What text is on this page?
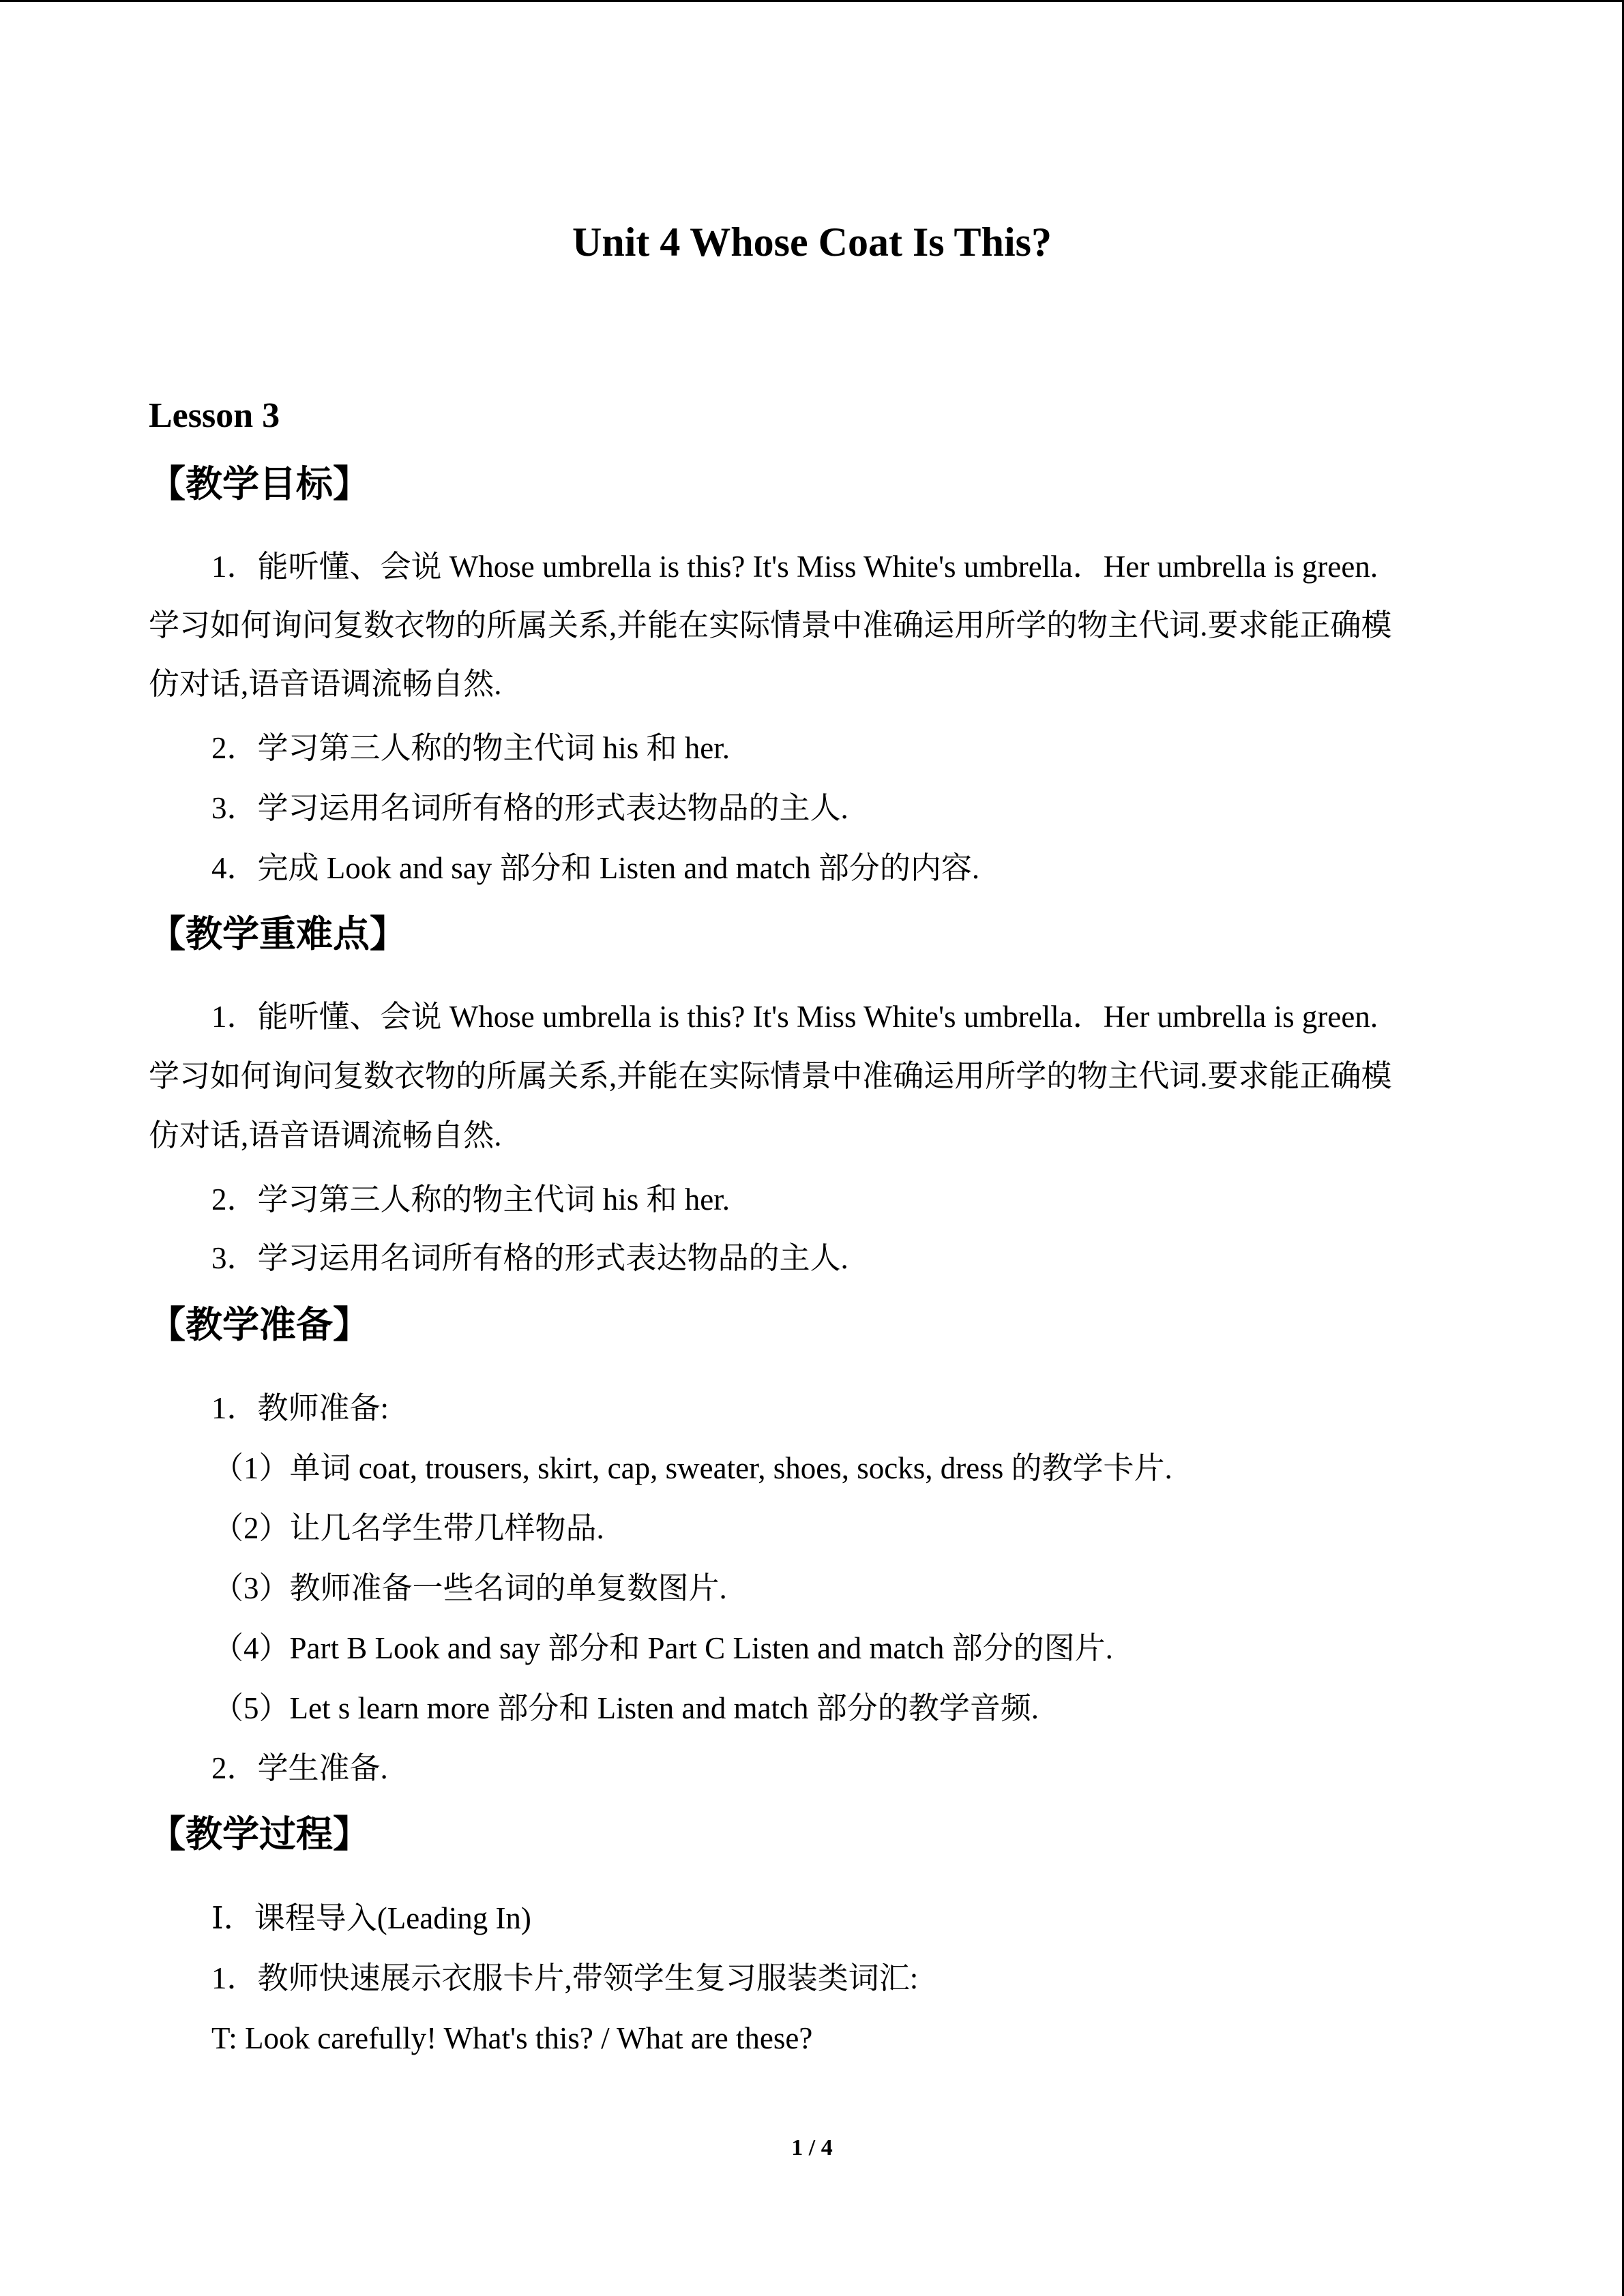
Unit 4 Whose Coat Is This?
Lesson 3
【教学目标】
1．能听懂、会说 Whose umbrella is this? It's Miss White's umbrella．Her umbrella is green.
学习如何询问复数衣物的所属关系,并能在实际情景中准确运用所学的物主代词.要求能正确模
仿对话,语音语调流畅自然.
2．学习第三人称的物主代词 his 和 her.
3．学习运用名词所有格的形式表达物品的主人.
4．完成 Look and say 部分和 Listen and match 部分的内容.
【教学重难点】
1．能听懂、会说 Whose umbrella is this? It's Miss White's umbrella．Her umbrella is green.
学习如何询问复数衣物的所属关系,并能在实际情景中准确运用所学的物主代词.要求能正确模
仿对话,语音语调流畅自然.
2．学习第三人称的物主代词 his 和 her.
3．学习运用名词所有格的形式表达物品的主人.
【教学准备】
1．教师准备:
（1）单词 coat, trousers, skirt, cap, sweater, shoes, socks, dress 的教学卡片.
（2）让几名学生带几样物品.
（3）教师准备一些名词的单复数图片.
（4）Part B Look and say 部分和 Part C Listen and match 部分的图片.
（5）Let s learn more 部分和 Listen and match 部分的教学音频.
2．学生准备.
【教学过程】
Ⅰ．课程导入(Leading In)
1．教师快速展示衣服卡片,带领学生复习服装类词汇:
T: Look carefully! What's this? / What are these?
1 / 4
